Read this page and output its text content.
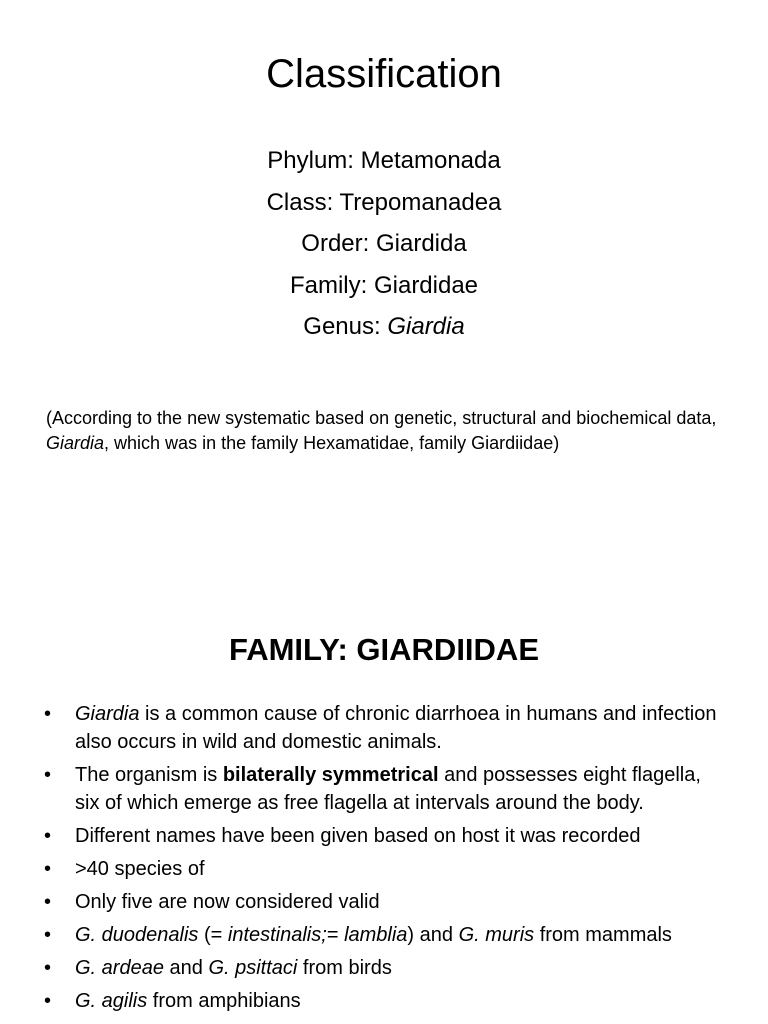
Classification
Phylum: Metamonada
Class: Trepomanadea
Order: Giardida
Family: Giardidae
Genus: Giardia

(According to the new systematic based on genetic, structural and biochemical data, Giardia, which was in the family Hexamatidae, family Giardiidae)

FAMILY: GIARDIIDAE
• Giardia is a common cause of chronic diarrhoea in humans and infection also occurs in wild and domestic animals.
• The organism is bilaterally symmetrical and possesses eight flagella, six of which emerge as free flagella at intervals around the body.
• Different names have been given based on host it was recorded
• >40 species of
• Only five are now considered valid
• G. duodenalis (= intestinalis;= lamblia) and G. muris from mammals
• G. ardeae and G. psittaci from birds
• G. agilis from amphibians
